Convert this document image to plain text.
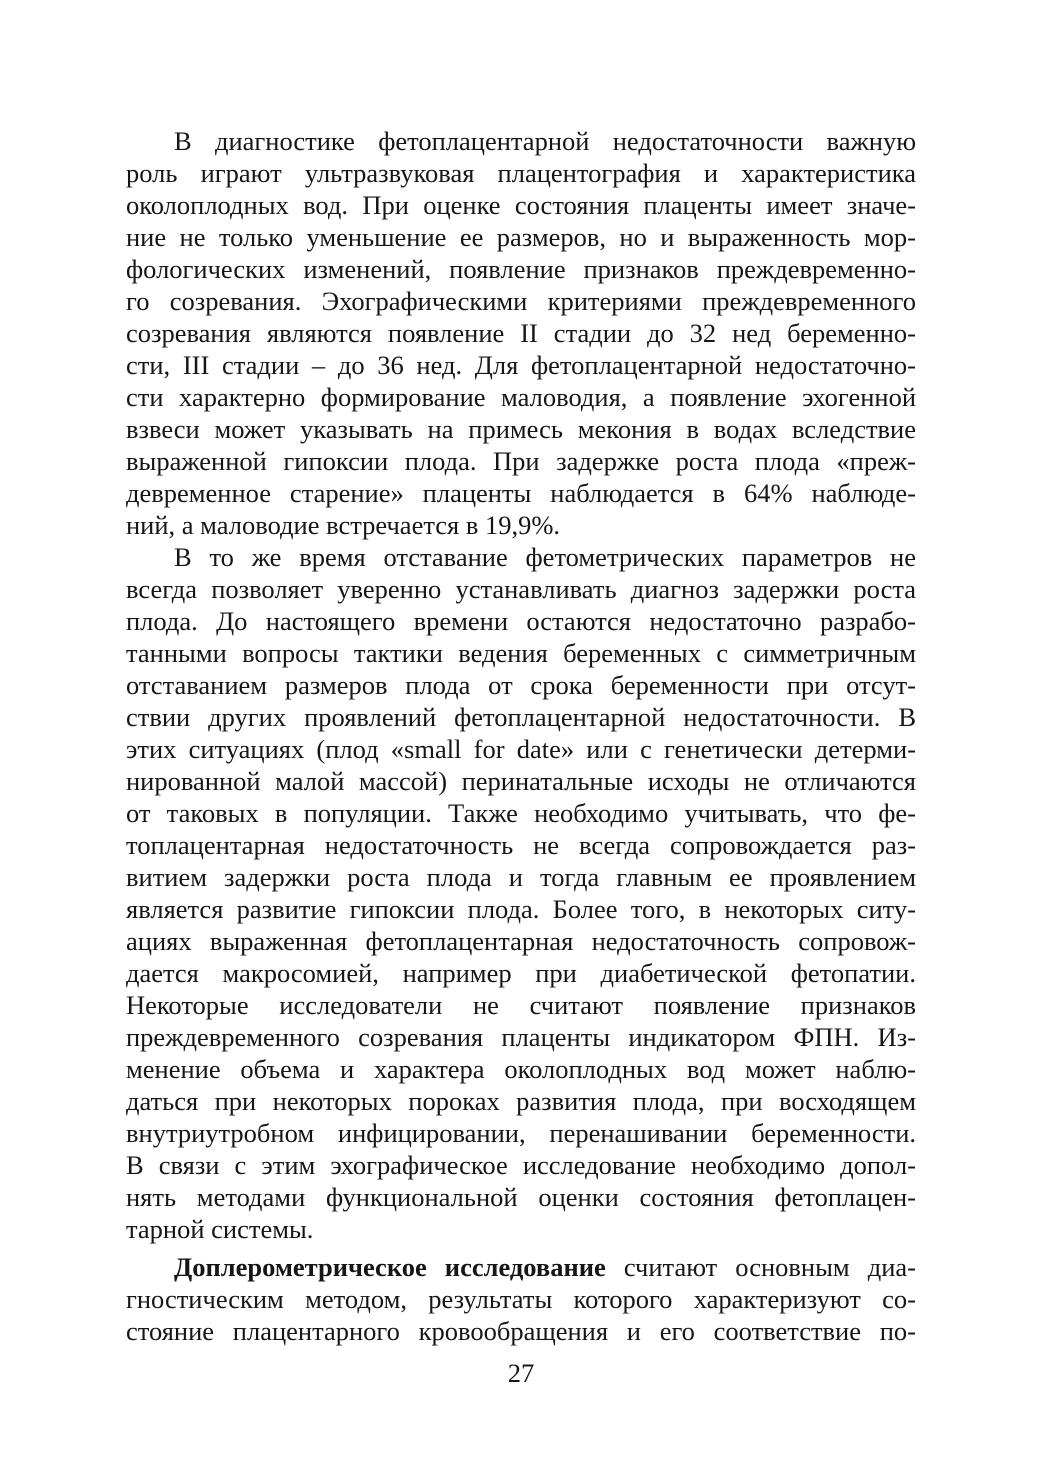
В диагностике фетоплацентарной недостаточности важную
роль играют ультразвуковая плацентография и характеристика
околоплодных вод. При оценке состояния плаценты имеет значе-
ние не только уменьшение ее размеров, но и выраженность мор-
фологических изменений, появление признаков преждевременно-
го созревания. Эхографическими критериями преждевременного
созревания являются появление II стадии до 32 нед беременно-
сти, III стадии – до 36 нед. Для фетоплацентарной недостаточно-
сти характерно формирование маловодия, а появление эхогенной
взвеси может указывать на примесь мекония в водах вследствие
выраженной гипоксии плода. При задержке роста плода «преж-
девременное старение» плаценты наблюдается в 64% наблюде-
ний, а маловодие встречается в 19,9%.
В то же время отставание фетометрических параметров не
всегда позволяет уверенно устанавливать диагноз задержки роста
плода. До настоящего времени остаются недостаточно разрабо-
танными вопросы тактики ведения беременных с симметричным
отставанием размеров плода от срока беременности при отсут-
ствии других проявлений фетоплацентарной недостаточности. В
этих ситуациях (плод «small for date» или с генетически детерми-
нированной малой массой) перинатальные исходы не отличаются
от таковых в популяции. Также необходимо учитывать, что фе-
топлацентарная недостаточность не всегда сопровождается раз-
витием задержки роста плода и тогда главным ее проявлением
является развитие гипоксии плода. Более того, в некоторых ситу-
ациях выраженная фетоплацентарная недостаточность сопровож-
дается макросомией, например при диабетической фетопатии.
Некоторые исследователи не считают появление признаков
преждевременного созревания плаценты индикатором ФПН. Из-
менение объема и характера околоплодных вод может наблю-
даться при некоторых пороках развития плода, при восходящем
внутриутробном инфицировании, перенашивании беременности.
В связи с этим эхографическое исследование необходимо допол-
нять методами функциональной оценки состояния фетоплацен-
тарной системы.
Доплерометрическое исследование считают основным диа-
гностическим методом, результаты которого характеризуют со-
стояние плацентарного кровообращения и его соответствие по-
27
